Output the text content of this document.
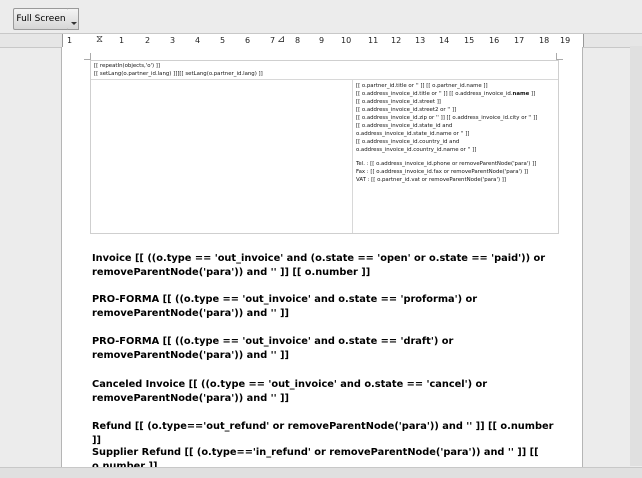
Full Screen
1 ⧖ 1	2 3 4 5 6 7 ⊿ 8 9 10 11 12 13 14 15 16 17 18 19
[[ repeatIn(objects,'o') ]]
[[ setLang(o.partner_id.lang) ]]][[ setLang(o.partner_id.lang) ]]
[[ o.partner_id.title or '' ]] [[ o.partner_id.name ]]
[[ o.address_invoice_id.title or '' ]] [[ o.address_invoice_id.name ]]
[[ o.address_invoice_id.street ]]
[[ o.address_invoice_id.street2 or '' ]]
[[ o.address_invoice_id.zip or '' ]] [[ o.address_invoice_id.city or '' ]]
[[ o.address_invoice_id.state_id and
o.address_invoice_id.state_id.name or '' ]]
[[ o.address_invoice_id.country_id and
o.address_invoice_id.country_id.name or '' ]]
Tel. : [[ o.address_invoice_id.phone or removeParentNode('para') ]]
Fax : [[ o.address_invoice_id.fax or removeParentNode('para') ]]
VAT : [[ o.partner_id.vat or removeParentNode('para') ]]
Invoice [[ ((o.type == 'out_invoice' and (o.state == 'open' or o.state == 'paid')) or removeParentNode('para')) and '' ]] [[ o.number ]]
PRO-FORMA [[ ((o.type == 'out_invoice' and o.state == 'proforma') or removeParentNode('para')) and '' ]]
PRO-FORMA [[ ((o.type == 'out_invoice' and o.state == 'draft') or removeParentNode('para')) and '' ]]
Canceled Invoice [[ ((o.type == 'out_invoice' and o.state == 'cancel') or removeParentNode('para')) and '' ]]
Refund [[ (o.type=='out_refund' or removeParentNode('para')) and '' ]] [[ o.number ]]
Supplier Refund [[ (o.type=='in_refund' or removeParentNode('para')) and '' ]] [[
